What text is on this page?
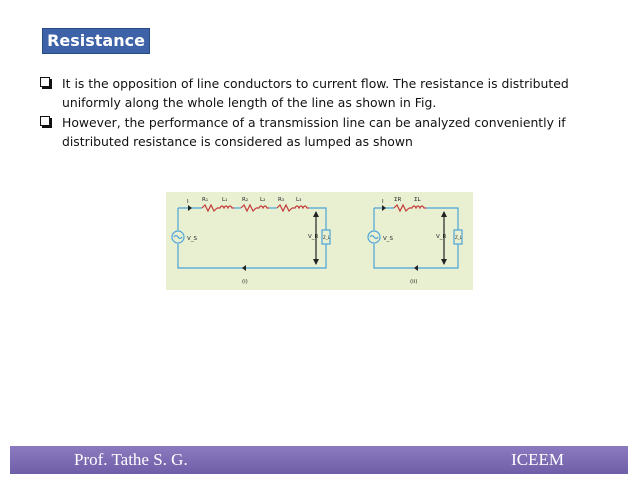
Resistance
It is the opposition of line conductors to current flow. The resistance is distributed uniformly along the whole length of the line as shown in Fig.
However, the performance of a transmission line can be analyzed conveniently if distributed resistance is considered as lumped as shown
I R₁	L₁	R₂ L₂ R₃ L₃
V_S	V_R Z_L
(i)
I ΣR ΣL
V_S	V_R Z_L
(ii)
Prof. Tathe S. G.	ICEEM
